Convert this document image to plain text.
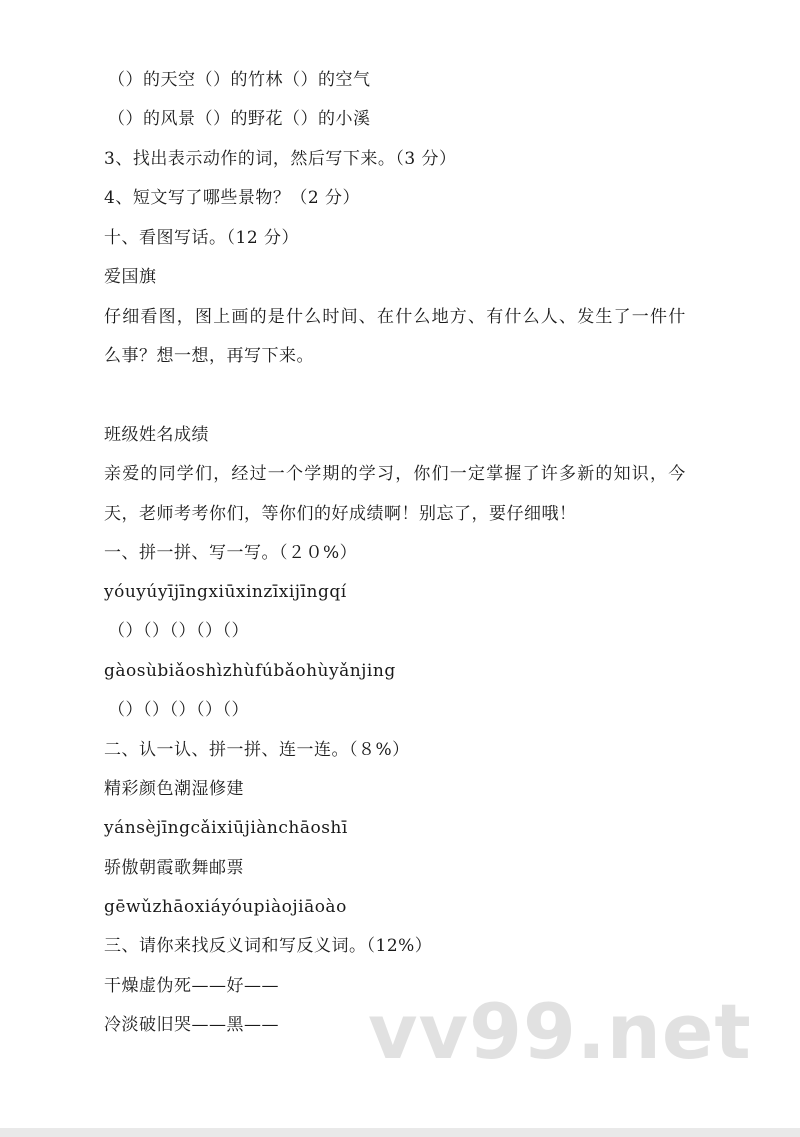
（）的天空（）的竹林（）的空气

（）的风景（）的野花（）的小溪

3、找出表示动作的词，然后写下来。（3 分）

4、短文写了哪些景物？（2 分）

十、看图写话。（12 分）

爱国旗

仔细看图，图上画的是什么时间、在什么地方、有什么人、发生了一件什

么事？想一想，再写下来。

班级姓名成绩

亲爱的同学们，经过一个学期的学习，你们一定掌握了许多新的知识，今

天，老师考考你们，等你们的好成绩啊！别忘了，要仔细哦！

一、拼一拼、写一写。（２０%）

yóuyúyījīngxiūxinzīxijīngqí

（）（）（）（）（）

gàosùbiǎoshìzhùfúbǎohùyǎnjing

（）（）（）（）（）

二、认一认、拼一拼、连一连。（８%）

精彩颜色潮湿修建

yánsèjīngcǎixiūjiànchāoshī

骄傲朝霞歌舞邮票

gēwǔzhāoxiáyóupiàojiāoào

三、请你来找反义词和写反义词。（12%）

干燥虚伪死——好——

冷淡破旧哭——黑—— vv99.net
